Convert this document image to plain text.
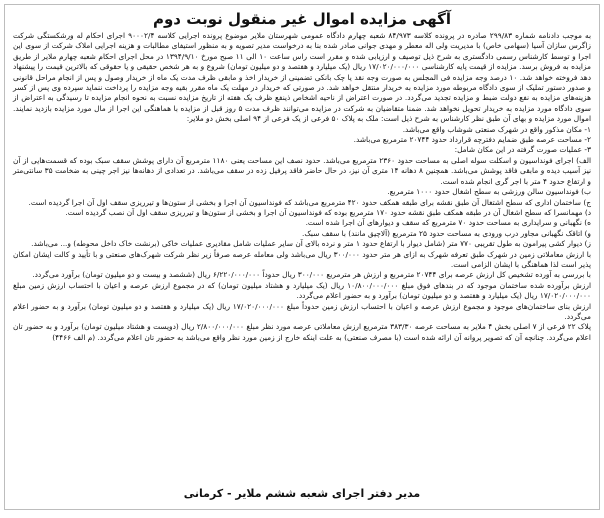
آگهی مزایده اموال غیر منقول نوبت دوم

به موجب دادنامه شماره ۲۹۹/۸۳ صادره در پرونده کلاسه ۸۴/۹۷۳ شعبه چهارم دادگاه عمومی شهرستان ملایر موضوع پرونده اجرایی کلاسه ۹۰۰۰۲/۴ اجرای احکام له ورشکستگی شرکت زاگرس سازان آسیا (سهامی خاص) با مدیریت ولی اله معطر و مهدی جوانی صادر شده بنا به درخواست مدیر تصویه و به منظور استیفای مطالبات و هزینه اجرایی املاک شرکت از سوی این اجرا و توسط کارشناس رسمی دادگستری به شرح ذیل توصیف و ارزیابی شده و مقرر است راس ساعت ۱۰ الی ۱۱ صبح مورخ ۱۳۹۴/۹/۱۰ در محل اجرای احکام شعبه چهارم ملایر از طریق مزایده به فروش برسد. مزایده از قیمت پایه کارشناسی ۱۷/۰۲۰/۰۰۰/۰۰۰ ریال (یک میلیارد و هفتصد و دو میلیون تومان) شروع و به هر شخص حقیقی و یا حقوقی که بالاترین قیمت را پیشنهاد دهد فروخته خواهد شد. ۱۰ درصد وجه مزایده فی المجلس به صورت وجه نقد یا چک بانکی تضمینی از خریدار اخذ و مابقی ظرف مدت یک ماه از خریدار وصول و پس از انجام مراحل قانونی و صدور دستور تملیک از سوی دادگاه مربوطه مورد مزایده به خریدار منتقل خواهد شد. در صورتی که خریدار در مهلت یک ماه مقرر بقیه وجه مزایده را پرداخت ننماید سپرده وی پس از کسر هزینه‌های مزایده به نفع دولت ضبط و مزایده تجدید می‌گردد. در صورت اعتراض از ناحیه اشخاص ذینفع ظرف یک هفته از تاریخ مزایده نسبت به نحوه انجام مزایده تا رسیدگی به اعتراض از سوی دادگاه مورد مزایده به خریدار تحویل نخواهد شد. ضمنا متقاضیان به شرکت در مزایده می‌توانند ظرف مدت ۵ روز قبل از مزایده با هماهنگی این اجرا از مال مورد مزایده بازدید نمایند. اموال مورد مزایده و بهای آن طبق نظر کارشناس به شرح ذیل است: ملک به پلاک ۵۰ فرعی از یک فرعی از ۹۴ اصلی بخش دو ملایر:

۱- مکان مذکور واقع در شهرک صنعتی شوشاب واقع می‌باشد.

۲- مساحت عرصه طبق ضمایم دفترچه قرارداد حدود ۲۰۷۴۴ مترمربع می‌باشد.

۳- عملیات صورت گرفته در این مکان شامل:

الف) اجرای فونداسیون و اسکلت سوله اصلی به مساحت حدود ۲۳۶۰ مترمربع می‌باشد. حدود نصف این مساحت یعنی ۱۱۸۰ مترمربع آن دارای پوشش سقف سبک بوده که قسمت‌هایی از آن نیز آسیب دیده و مابقی فاقد پوشش می‌باشد. همچنین ۸ دهانه ۱۴ متری آن نیز، در حال حاضر فاقد پرفیل زده در سقف می‌باشد. در تعدادی از دهانه‌ها نیز اجر چینی به ضخامت ۳۵ سانتی‌متر و ارتفاع حدود ۴ متر با اجر گری انجام شده است.

ب) فونداسیون سالن ورزشی به سطح اشغال حدود ۱۰۰۰ مترمربع.

ج) ساختمان اداری که سطح اشتغال آن طبق نقشه برای طبقه همکف حدود ۴۲۰ مترمربع می‌باشد که فونداسیون آن اجرا و بخشی از ستون‌ها و تیرریزی سقف اول آن اجرا گردیده است.

د) مهمانسرا که سطح اشغال آن در طبقه همکف طبق نقشه حدود ۱۷۰ مترمربع بوده که فونداسیون آن اجرا و بخشی از ستون‌ها و تیرریزی سقف اول آن نصب گردیده است.

ه) نگهبانی و سرایداری به مساحت حدود ۷۰ مترمربع که سقف و دیوارهای آن اجرا شده است.

و) اتاقک نگهبانی مجاور درب ورودی به مساحت حدود ۲۵ مترمربع (آلاچیق مانند) با سقف سبک.

ز) دیوار کشی پیرامون به طول تقریبی ۷۷۰ متر (شامل دیوار با ارتفاع حدود ۱ متر و نرده بالای آن سایر عملیات شامل مقادیری عملیات خاکی (برنشت خاک داخل محوطه) و... می‌باشد.

با ارزش معاملاتی زمین در شهرک طبق تعرفه شهرک به ازای هر متر حدود ۳۰۰/۰۰۰ ریال می‌باشد ولی معامله عرصه صرفاً زیر نظر شرکت شهرک‌های صنعتی و با تأیید و کالت ایشان امکان پذیر است لذا هماهنگی با ایشان الزامی است.

با بررسی به آورده تشخیص کل ارزش عرصه برای ۲۰۷۴۴ مترمربع و ارزش هر مترمربع ۳۰۰/۰۰۰ ریال حدوداً ۶/۲۲۰/۰۰۰/۰۰۰ ریال (ششصد و بیست و دو میلیون تومان) برآورد می‌گردد.

ارزش برآورده شده ساختمان موجود که در بندهای فوق مبلغ ۱۰/۸۰۰/۰۰۰/۰۰۰ ریال (یک میلیارد و هشتاد میلیون تومان) که در مجموع ارزش عرصه و اعیان با احتساب ارزش زمین مبلغ ۱۷/۰۲۰/۰۰۰/۰۰۰ ریال (یک میلیارد و هفتصد و دو میلیون تومان) برآورد و به حضور اعلام می‌گردد.

ارزش بنای ساختمان‌های موجود و مجموع ارزش عرصه و اعیان با احتساب ارزش زمین حدوداً مبلغ ۱۷/۰۲۰/۰۰۰/۰۰۰ ریال (یک میلیارد و هفتصد و دو میلیون تومان) برآورد و به حضور اعلام می‌گردد.

پلاک ۲۲ فرعی از ۷ اصلی بخش ۴ ملایر به مساحت عرصه ۳۸۳/۳۰ مترمربع ارزش معاملاتی عرصه مورد نظر مبلغ ۲/۸۰۰/۰۰۰/۰۰۰ ریال (دویست و هشتاد میلیون تومان) برآورد و به حضور تان اعلام می‌گردد. چنانچه آن که تصویر پروانه آن ارائه شده است (با مصرف صنعتی) به علت اینکه خارج از زمین مورد نظر واقع می‌باشد به حضور تان اعلام می‌گردد. (م الف ۴۴۶۶)

مدیر دفتر اجرای شعبه ششم ملایر - کرمانی
